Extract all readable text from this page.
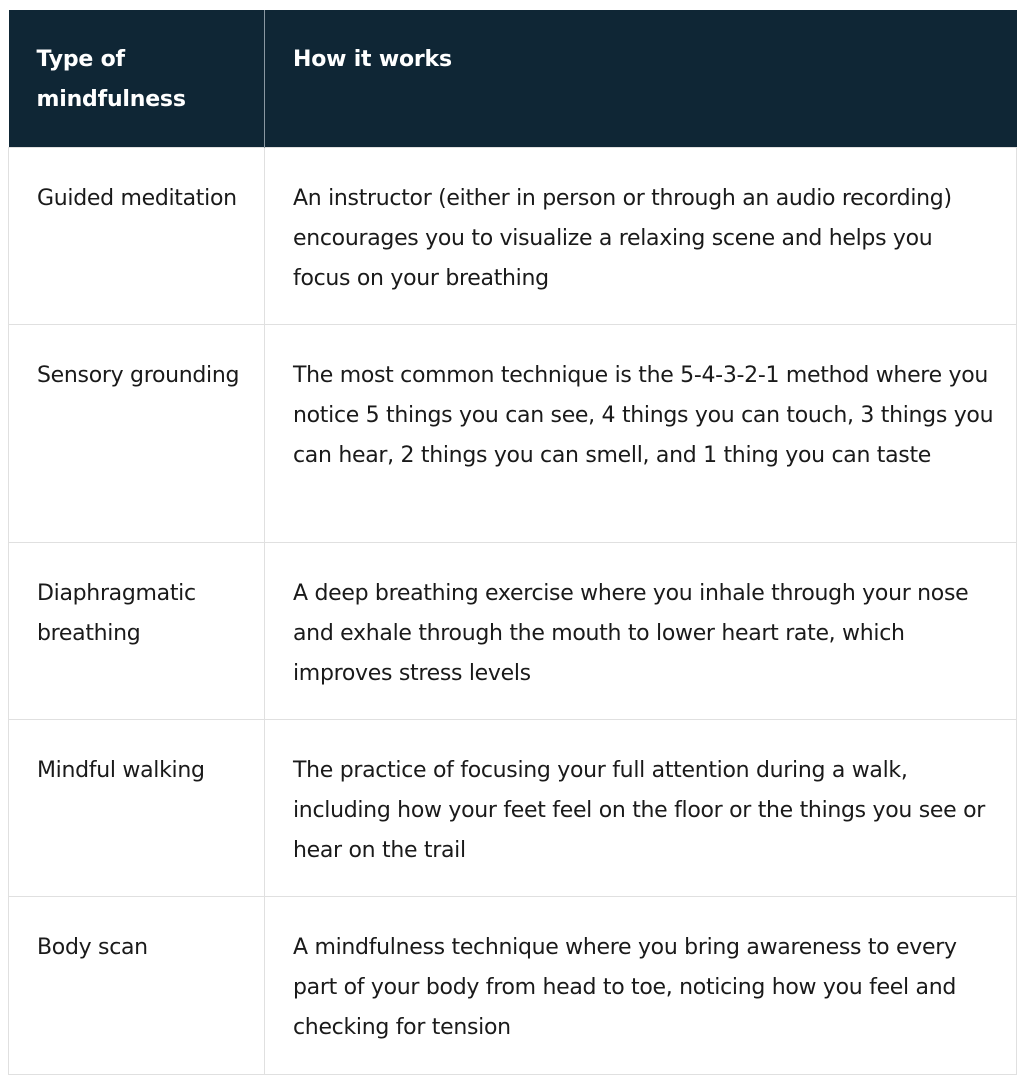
Type of mindfulness	How it works
Guided meditation	An instructor (either in person or through an audio recording) encourages you to visualize a relaxing scene and helps you focus on your breathing
Sensory grounding	The most common technique is the 5-4-3-2-1 method where you notice 5 things you can see, 4 things you can touch, 3 things you can hear, 2 things you can smell, and 1 thing you can taste
Diaphragmatic breathing	A deep breathing exercise where you inhale through your nose and exhale through the mouth to lower heart rate, which improves stress levels
Mindful walking	The practice of focusing your full attention during a walk, including how your feet feel on the floor or the things you see or hear on the trail
Body scan	A mindfulness technique where you bring awareness to every part of your body from head to toe, noticing how you feel and checking for tension
